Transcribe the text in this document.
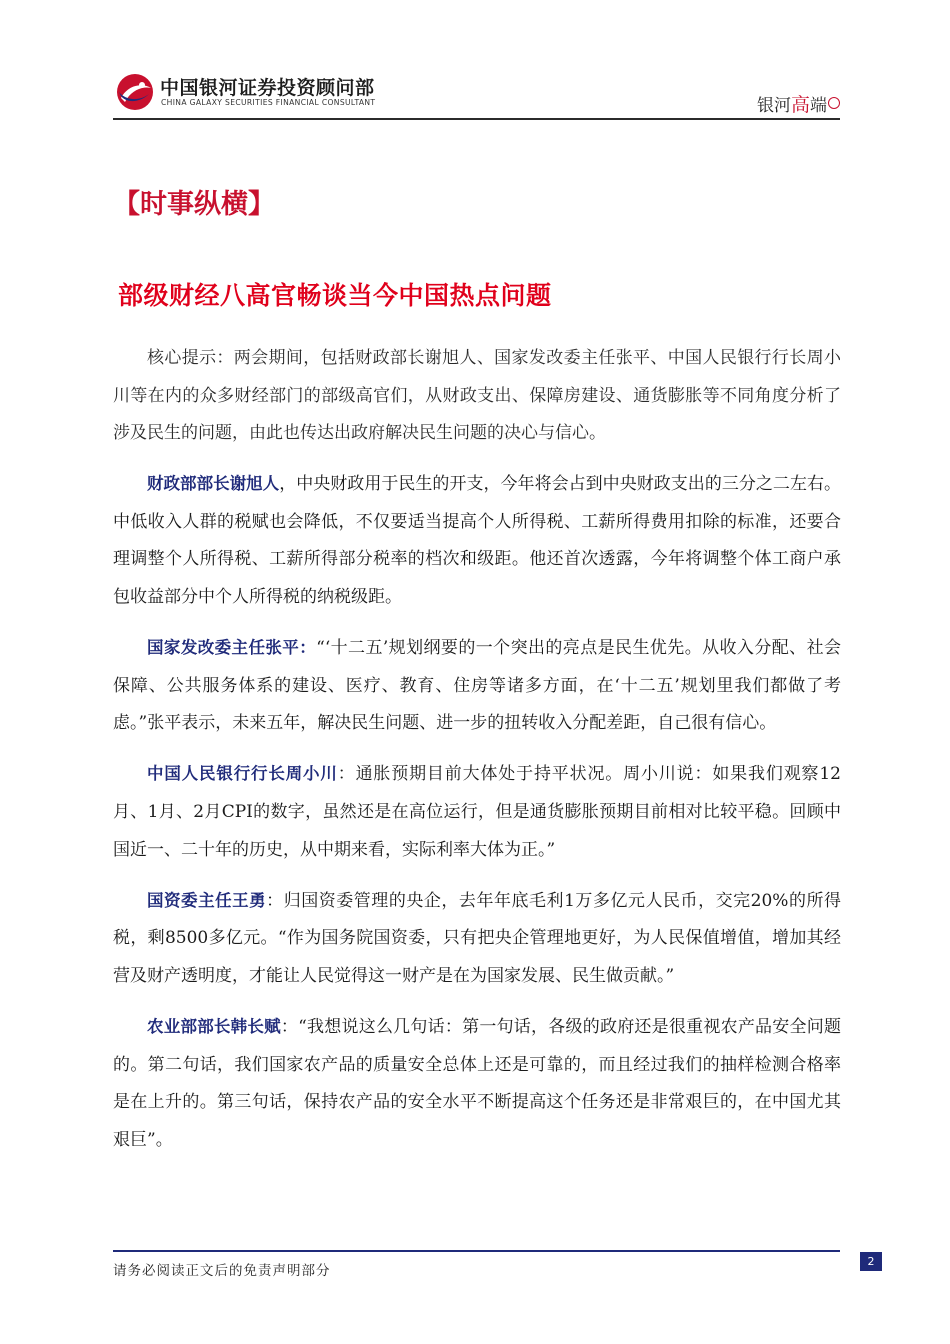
中国银河证券投资顾问部
CHINA GALAXY SECURITIES FINANCIAL CONSULTANT	银河高端
【时事纵横】
部级财经八高官畅谈当今中国热点问题

核心提示：两会期间，包括财政部长谢旭人、国家发改委主任张平、中国人民银行行长周小川等在内的众多财经部门的部级高官们，从财政支出、保障房建设、通货膨胀等不同角度分析了涉及民生的问题，由此也传达出政府解决民生问题的决心与信心。

财政部部长谢旭人，中央财政用于民生的开支，今年将会占到中央财政支出的三分之二左右。中低收入人群的税赋也会降低，不仅要适当提高个人所得税、工薪所得费用扣除的标准，还要合理调整个人所得税、工薪所得部分税率的档次和级距。他还首次透露，今年将调整个体工商户承包收益部分中个人所得税的纳税级距。

国家发改委主任张平：“‘十二五’规划纲要的一个突出的亮点是民生优先。从收入分配、社会保障、公共服务体系的建设、医疗、教育、住房等诸多方面，在‘十二五’规划里我们都做了考虑。”张平表示，未来五年，解决民生问题、进一步的扭转收入分配差距，自己很有信心。

中国人民银行行长周小川：通胀预期目前大体处于持平状况。周小川说：如果我们观察12月、1月、2月CPI的数字，虽然还是在高位运行，但是通货膨胀预期目前相对比较平稳。回顾中国近一、二十年的历史，从中期来看，实际利率大体为正。”

国资委主任王勇：归国资委管理的央企，去年年底毛利1万多亿元人民币，交完20%的所得税，剩8500多亿元。“作为国务院国资委，只有把央企管理地更好，为人民保值增值，增加其经营及财产透明度，才能让人民觉得这一财产是在为国家发展、民生做贡献。”

农业部部长韩长赋：“我想说这么几句话：第一句话，各级的政府还是很重视农产品安全问题的。第二句话，我们国家农产品的质量安全总体上还是可靠的，而且经过我们的抽样检测合格率是在上升的。第三句话，保持农产品的安全水平不断提高这个任务还是非常艰巨的，在中国尤其艰巨”。

请务必阅读正文后的免责声明部分
2
